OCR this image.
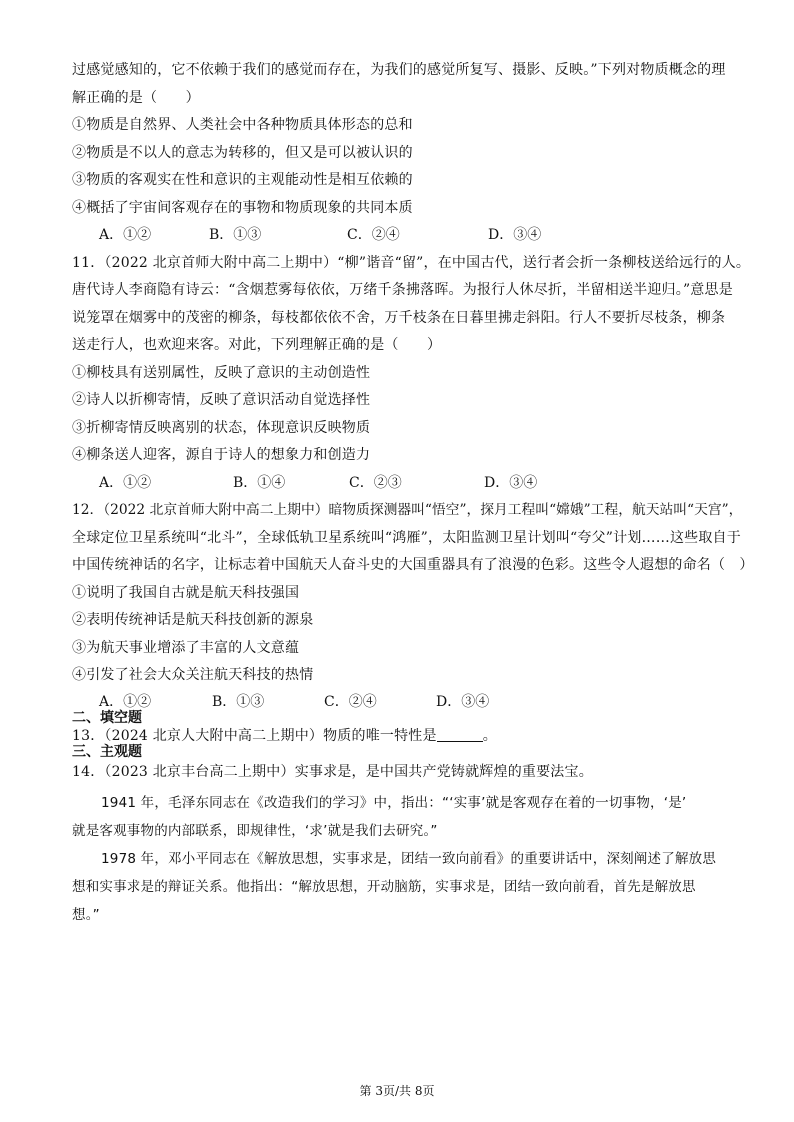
过感觉感知的，它不依赖于我们的感觉而存在，为我们的感觉所复写、摄影、反映。”下列对物质概念的理
解正确的是（　　）
①物质是自然界、人类社会中各种物质具体形态的总和
②物质是不以人的意志为转移的，但又是可以被认识的
③物质的客观实在性和意识的主观能动性是相互依赖的
④概括了宇宙间客观存在的事物和物质现象的共同本质
A．①②	B．①③	C．②④	D．③④
11．（2022 北京首师大附中高二上期中）“柳”谐音“留”，在中国古代，送行者会折一条柳枝送给远行的人。
唐代诗人李商隐有诗云：“含烟惹雾每依依，万绪千条拂落晖。为报行人休尽折，半留相送半迎归。”意思是
说笼罩在烟雾中的茂密的柳条，每枝都依依不舍，万千枝条在日暮里拂走斜阳。行人不要折尽枝条，柳条
送走行人，也欢迎来客。对此，下列理解正确的是（　　）
①柳枝具有送别属性，反映了意识的主动创造性
②诗人以折柳寄情，反映了意识活动自觉选择性
③折柳寄情反映离别的状态，体现意识反映物质
④柳条送人迎客，源自于诗人的想象力和创造力
A．①②	B．①④	C．②③	D．③④
12．（2022 北京首师大附中高二上期中）暗物质探测器叫“悟空”，探月工程叫“嫦娥”工程，航天站叫“天宫”，
全球定位卫星系统叫“北斗”，全球低轨卫星系统叫“鸿雁”，太阳监测卫星计划叫“夸父”计划……这些取自于
中国传统神话的名字，让标志着中国航天人奋斗史的大国重器具有了浪漫的色彩。这些令人遐想的命名（　）
①说明了我国自古就是航天科技强国
②表明传统神话是航天科技创新的源泉
③为航天事业增添了丰富的人文意蕴
④引发了社会大众关注航天科技的热情
A．①②	B．①③	C．②④	D．③④
二、填空题
13．（2024 北京人大附中高二上期中）物质的唯一特性是	。
三、主观题
14．（2023 北京丰台高二上期中）实事求是，是中国共产党铸就辉煌的重要法宝。
1941 年，毛泽东同志在《改造我们的学习》中，指出：“‘实事’就是客观存在着的一切事物，‘是’
就是客观事物的内部联系，即规律性，‘求’就是我们去研究。”
1978 年，邓小平同志在《解放思想，实事求是，团结一致向前看》的重要讲话中，深刻阐述了解放思
想和实事求是的辩证关系。他指出：“解放思想，开动脑筋，实事求是，团结一致向前看，首先是解放思
想。”
第 3页/共 8页
